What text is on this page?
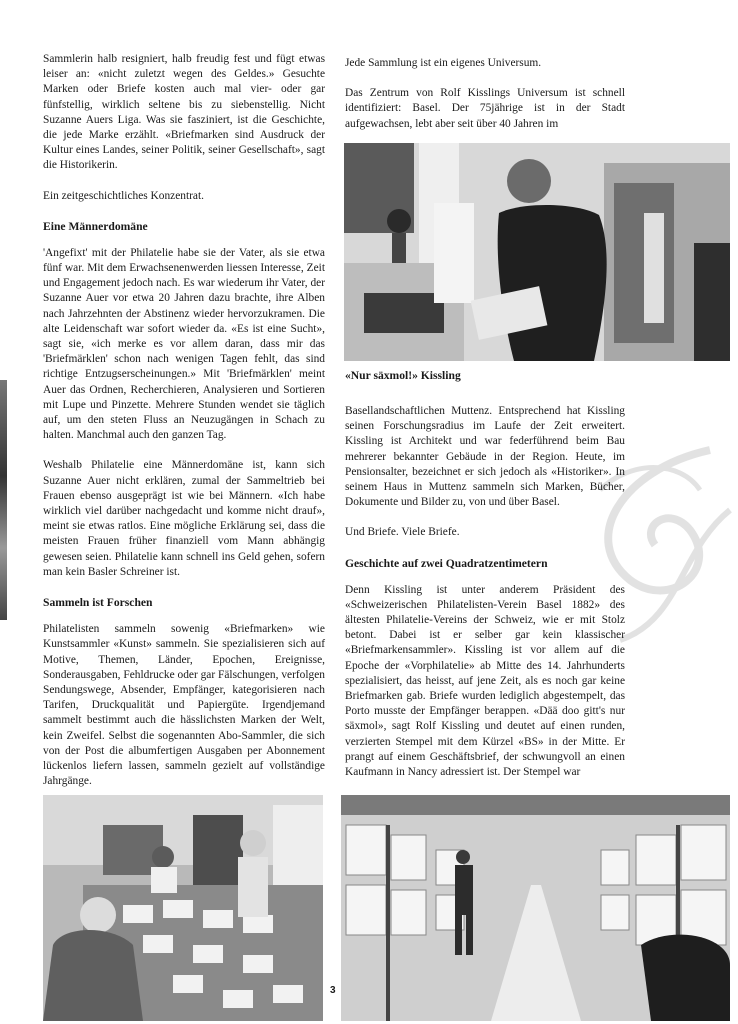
Sammlerin halb resigniert, halb freudig fest und fügt etwas leiser an: «nicht zuletzt wegen des Geldes.» Gesuchte Marken oder Briefe kosten auch mal vier- oder gar fünfstellig, wirklich seltene bis zu siebenstellig. Nicht Suzanne Auers Liga. Was sie fasziniert, ist die Geschichte, die jede Marke erzählt. «Briefmarken sind Ausdruck der Kultur eines Landes, seiner Politik, seiner Gesellschaft», sagt die Historikerin.

Ein zeitgeschichtliches Konzentrat.

Eine Männerdomäne

'Angefixt' mit der Philatelie habe sie der Vater, als sie etwa fünf war. Mit dem Erwachsenenwerden liessen Interesse, Zeit und Engagement jedoch nach. Es war wiederum ihr Vater, der Suzanne Auer vor etwa 20 Jahren dazu brachte, ihre Alben nach Jahrzehnten der Abstinenz wieder hervorzukramen. Die alte Leidenschaft war sofort wieder da. «Es ist eine Sucht», sagt sie, «ich merke es vor allem daran, dass mir das 'Briefmärklen' schon nach wenigen Tagen fehlt, das sind richtige Entzugserscheinungen.» Mit 'Briefmärklen' meint Auer das Ordnen, Recherchieren, Analysieren und Sortieren mit Lupe und Pinzette. Mehrere Stunden wendet sie täglich auf, um den steten Fluss an Neuzugängen in Schach zu halten. Manchmal auch den ganzen Tag.

Weshalb Philatelie eine Männerdomäne ist, kann sich Suzanne Auer nicht erklären, zumal der Sammeltrieb bei Frauen ebenso ausgeprägt ist wie bei Männern. «Ich habe wirklich viel darüber nachgedacht und komme nicht drauf», meint sie etwas ratlos. Eine mögliche Erklärung sei, dass die meisten Frauen früher finanziell vom Mann abhängig gewesen seien. Philatelie kann schnell ins Geld gehen, sofern man kein Basler Schreiner ist.

Sammeln ist Forschen

Philatelisten sammeln sowenig «Briefmarken» wie Kunstsammler «Kunst» sammeln. Sie spezialisieren sich auf Motive, Themen, Länder, Epochen, Ereignisse, Sonderausgaben, Fehldrucke oder gar Fälschungen, verfolgen Sendungswege, Absender, Empfänger, kategorisieren nach Tarifen, Druckqualität und Papiergüte. Irgendjemand sammelt bestimmt auch die hässlichsten Marken der Welt, kein Zweifel. Selbst die sogenannten Abo-Sammler, die sich von der Post die albumfertigen Ausgaben per Abonnement lückenlos liefern lassen, sammeln gezielt auf vollständige Jahrgänge.

Jede Sammlung ist ein eigenes Universum.

Das Zentrum von Rolf Kisslings Universum ist schnell identifiziert: Basel. Der 75jährige ist in der Stadt aufgewachsen, lebt aber seit über 40 Jahren im

«Nur säxmol!» Kissling

Basellandschaftlichen Muttenz. Entsprechend hat Kissling seinen Forschungsradius im Laufe der Zeit erweitert. Kissling ist Architekt und war federführend beim Bau mehrerer bekannter Gebäude in der Region. Heute, im Pensionsalter, bezeichnet er sich jedoch als «Historiker». In seinem Haus in Muttenz sammeln sich Marken, Bücher, Dokumente und Bilder zu, von und über Basel.

Und Briefe. Viele Briefe.

Geschichte auf zwei Quadratzentimetern

Denn Kissling ist unter anderem Präsident des «Schweizerischen Philatelisten-Verein Basel 1882» des ältesten Philatelie-Vereins der Schweiz, wie er mit Stolz betont. Dabei ist er selber gar kein klassischer «Briefmarkensammler». Kissling ist vor allem auf die Epoche der «Vorphilatelie» ab Mitte des 14. Jahrhunderts spezialisiert, das heisst, auf jene Zeit, als es noch gar keine Briefmarken gab. Briefe wurden lediglich abgestempelt, das Porto musste der Empfänger berappen. «Dää doo gitt's nur säxmol», sagt Rolf Kissling und deutet auf einen runden, verzierten Stempel mit dem Kürzel «BS» in der Mitte. Er prangt auf einem Geschäftsbrief, der schwungvoll an einen Kaufmann in Nancy adressiert ist. Der Stempel war

3
